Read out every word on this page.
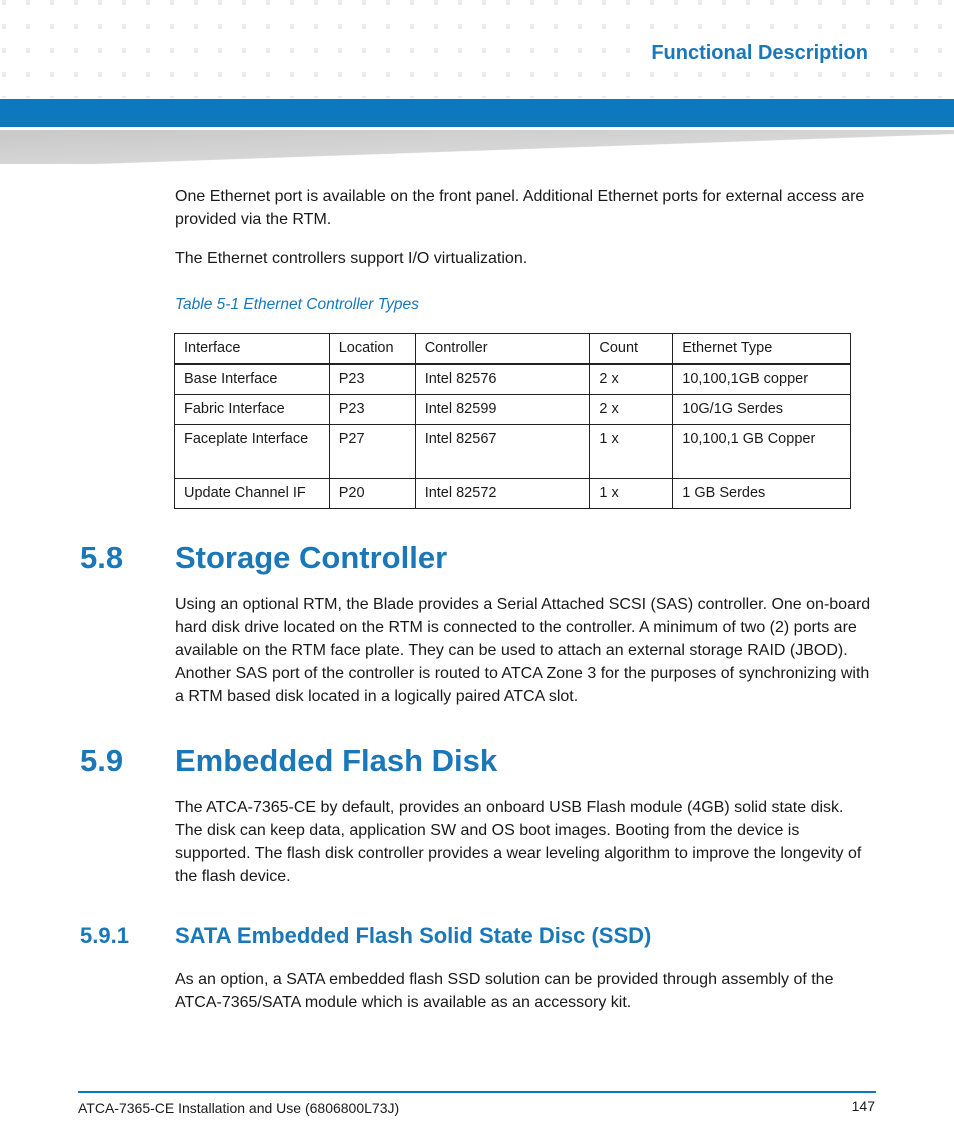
Functional Description

One Ethernet port is available on the front panel. Additional Ethernet ports for external access are provided via the RTM.

The Ethernet controllers support I/O virtualization.

Table 5-1 Ethernet Controller Types
Interface	Location	Controller	Count	Ethernet Type
Base Interface	P23	Intel 82576	2 x	10,100,1GB copper
Fabric Interface	P23	Intel 82599	2 x	10G/1G Serdes
Faceplate Interface	P27	Intel 82567	1 x	10,100,1 GB Copper
Update Channel IF	P20	Intel 82572	1 x	1 GB Serdes
5.8 Storage Controller

Using an optional RTM, the Blade provides a Serial Attached SCSI (SAS) controller. One on-board hard disk drive located on the RTM is connected to the controller. A minimum of two (2) ports are available on the RTM face plate. They can be used to attach an external storage RAID (JBOD). Another SAS port of the controller is routed to ATCA Zone 3 for the purposes of synchronizing with a RTM based disk located in a logically paired ATCA slot.

5.9 Embedded Flash Disk

The ATCA-7365-CE by default, provides an onboard USB Flash module (4GB) solid state disk. The disk can keep data, application SW and OS boot images. Booting from the device is supported. The flash disk controller provides a wear leveling algorithm to improve the longevity of the flash device.

5.9.1 SATA Embedded Flash Solid State Disc (SSD)

As an option, a SATA embedded flash SSD solution can be provided through assembly of the ATCA-7365/SATA module which is available as an accessory kit.

ATCA-7365-CE Installation and Use (6806800L73J)	147
